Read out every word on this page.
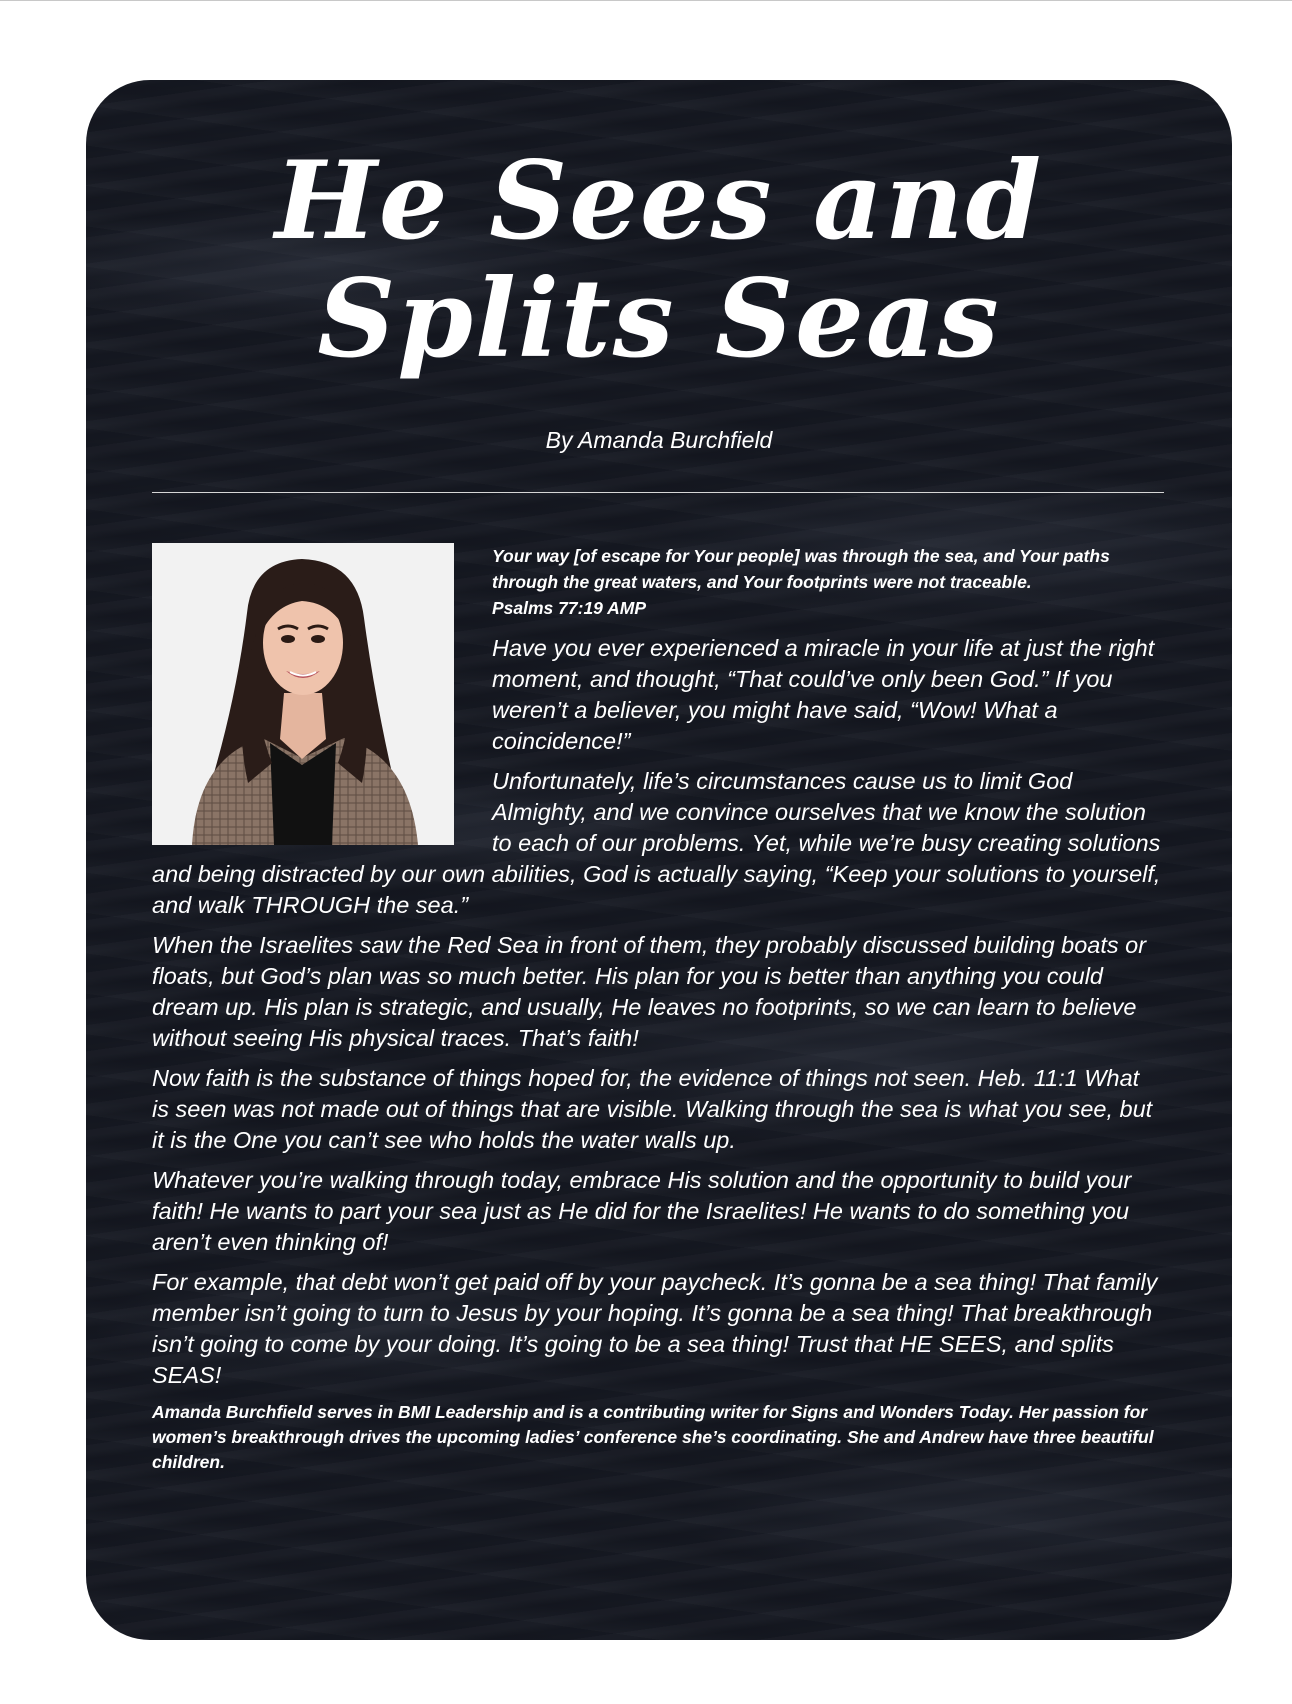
He Sees and
Splits Seas
By Amanda Burchfield

Your way [of escape for Your people] was through the sea, and Your paths through the great waters, and Your footprints were not traceable.
Psalms 77:19 AMP

Have you ever experienced a miracle in your life at just the right moment, and thought, “That could’ve only been God.” If you weren’t a believer, you might have said, “Wow! What a coincidence!”

Unfortunately, life’s circumstances cause us to limit God Almighty, and we convince ourselves that we know the solution to each of our problems. Yet, while we’re busy creating solutions and being distracted by our own abilities, God is actually saying, “Keep your solutions to yourself, and walk THROUGH the sea.”

When the Israelites saw the Red Sea in front of them, they probably discussed building boats or floats, but God’s plan was so much better. His plan for you is better than anything you could dream up. His plan is strategic, and usually, He leaves no footprints, so we can learn to believe without seeing His physical traces. That’s faith!

Now faith is the substance of things hoped for, the evidence of things not seen. Heb. 11:1 What is seen was not made out of things that are visible. Walking through the sea is what you see, but it is the One you can’t see who holds the water walls up.

Whatever you’re walking through today, embrace His solution and the opportunity to build your faith! He wants to part your sea just as He did for the Israelites! He wants to do something you aren’t even thinking of!

For example, that debt won’t get paid off by your paycheck. It’s gonna be a sea thing! That family member isn’t going to turn to Jesus by your hoping. It’s gonna be a sea thing! That breakthrough isn’t going to come by your doing. It’s going to be a sea thing! Trust that HE SEES, and splits SEAS!

Amanda Burchfield serves in BMI Leadership and is a contributing writer for Signs and Wonders Today. Her passion for women’s breakthrough drives the upcoming ladies’ conference she’s coordinating. She and Andrew have three beautiful children.
